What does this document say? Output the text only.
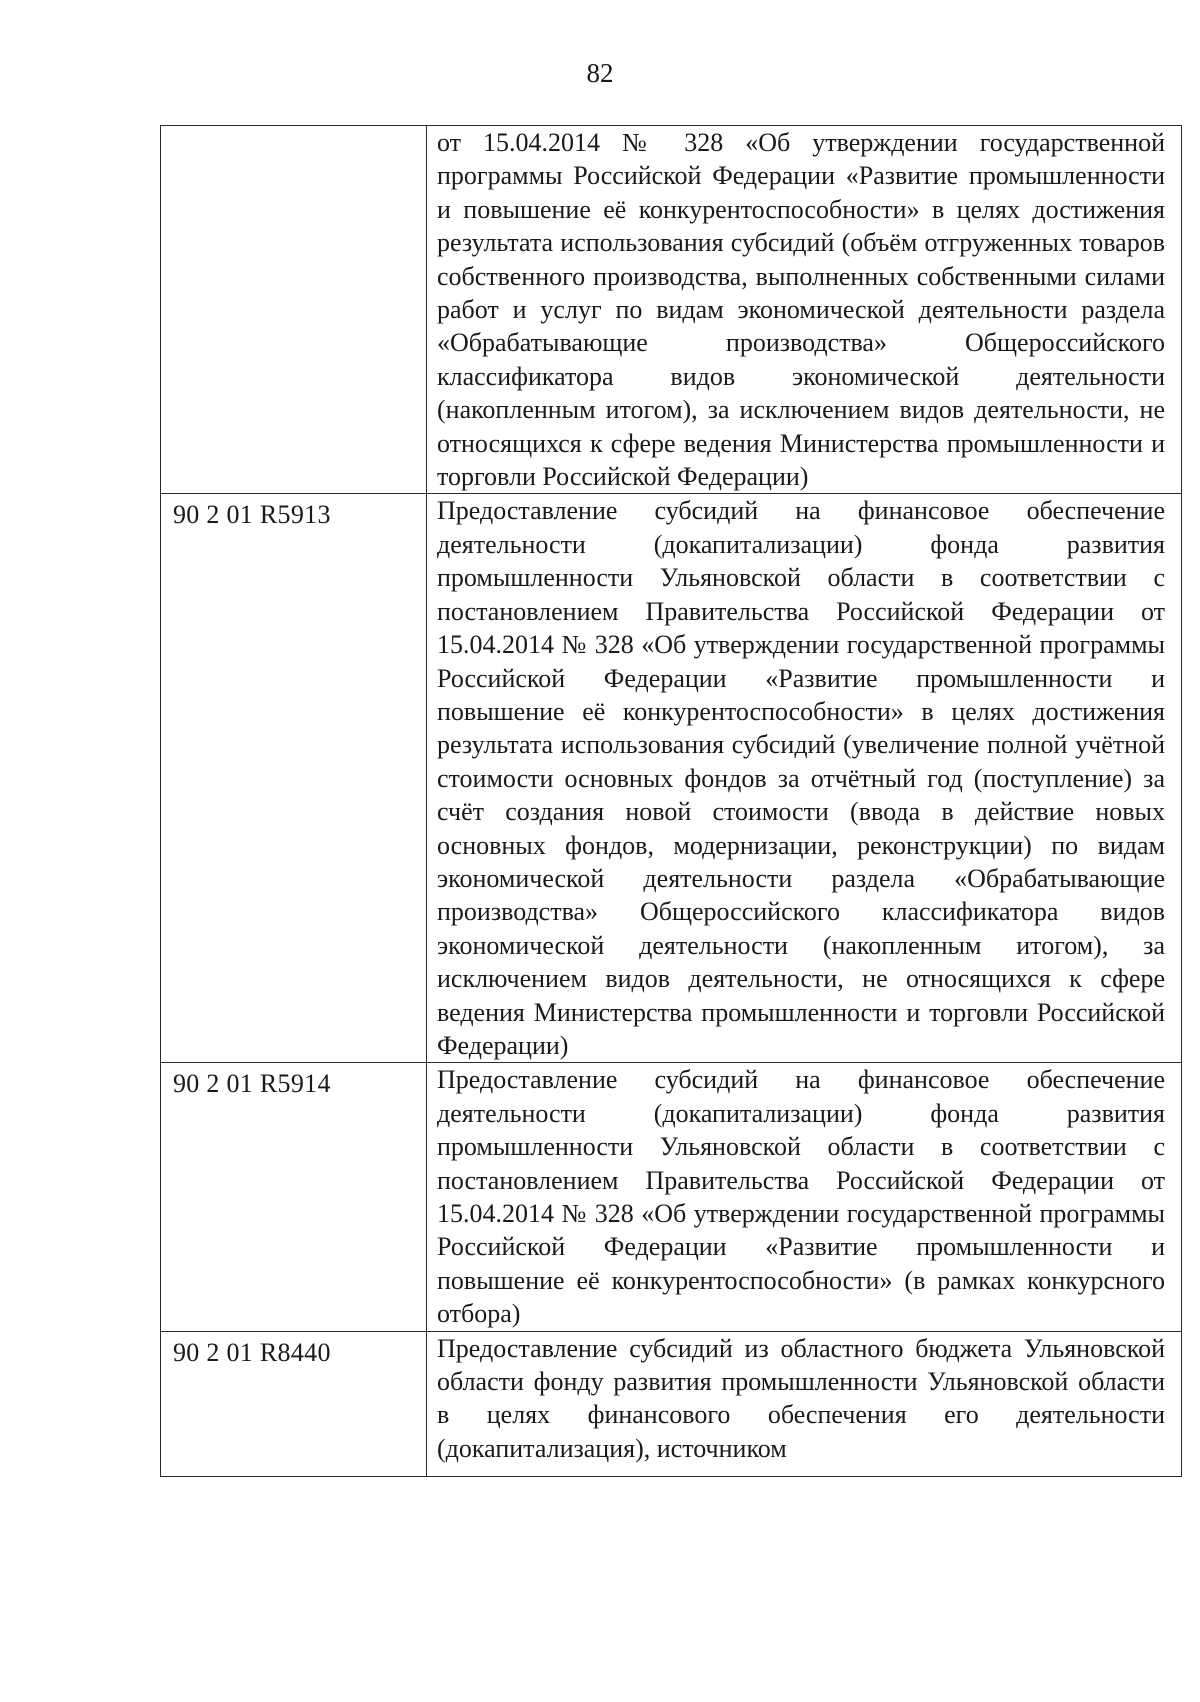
82
	от 15.04.2014 № 328 «Об утверждении государственной программы Российской Федерации «Развитие промышленности и повышение её конкурентоспособности» в целях достижения результата использования субсидий (объём отгруженных товаров собственного производства, выполненных собственными силами работ и услуг по видам экономической деятельности раздела «Обрабатывающие производства» Общероссийского классификатора видов экономической деятельности (накопленным итогом), за исключением видов деятельности, не относящихся к сфере ведения Министерства промышленности и торговли Российской Федерации)
90 2 01 R5913	Предоставление субсидий на финансовое обеспечение деятельности (докапитализации) фонда развития промышленности Ульяновской области в соответствии с постановлением Правительства Российской Федерации от 15.04.2014 № 328 «Об утверждении государственной программы Российской Федерации «Развитие промышленности и повышение её конкурентоспособности» в целях достижения результата использования субсидий (увеличение полной учётной стоимости основных фондов за отчётный год (поступление) за счёт создания новой стоимости (ввода в действие новых основных фондов, модернизации, реконструкции) по видам экономической деятельности раздела «Обрабатывающие производства» Общероссийского классификатора видов экономической деятельности (накопленным итогом), за исключением видов деятельности, не относящихся к сфере ведения Министерства промышленности и торговли Российской Федерации)
90 2 01 R5914	Предоставление субсидий на финансовое обеспечение деятельности (докапитализации) фонда развития промышленности Ульяновской области в соответствии с постановлением Правительства Российской Федерации от 15.04.2014 № 328 «Об утверждении государственной программы Российской Федерации «Развитие промышленности и повышение её конкурентоспособности» (в рамках конкурсного отбора)
90 2 01 R8440	Предоставление субсидий из областного бюджета Ульяновской области фонду развития промышленности Ульяновской области в целях финансового обеспечения его деятельности (докапитализация), источником
